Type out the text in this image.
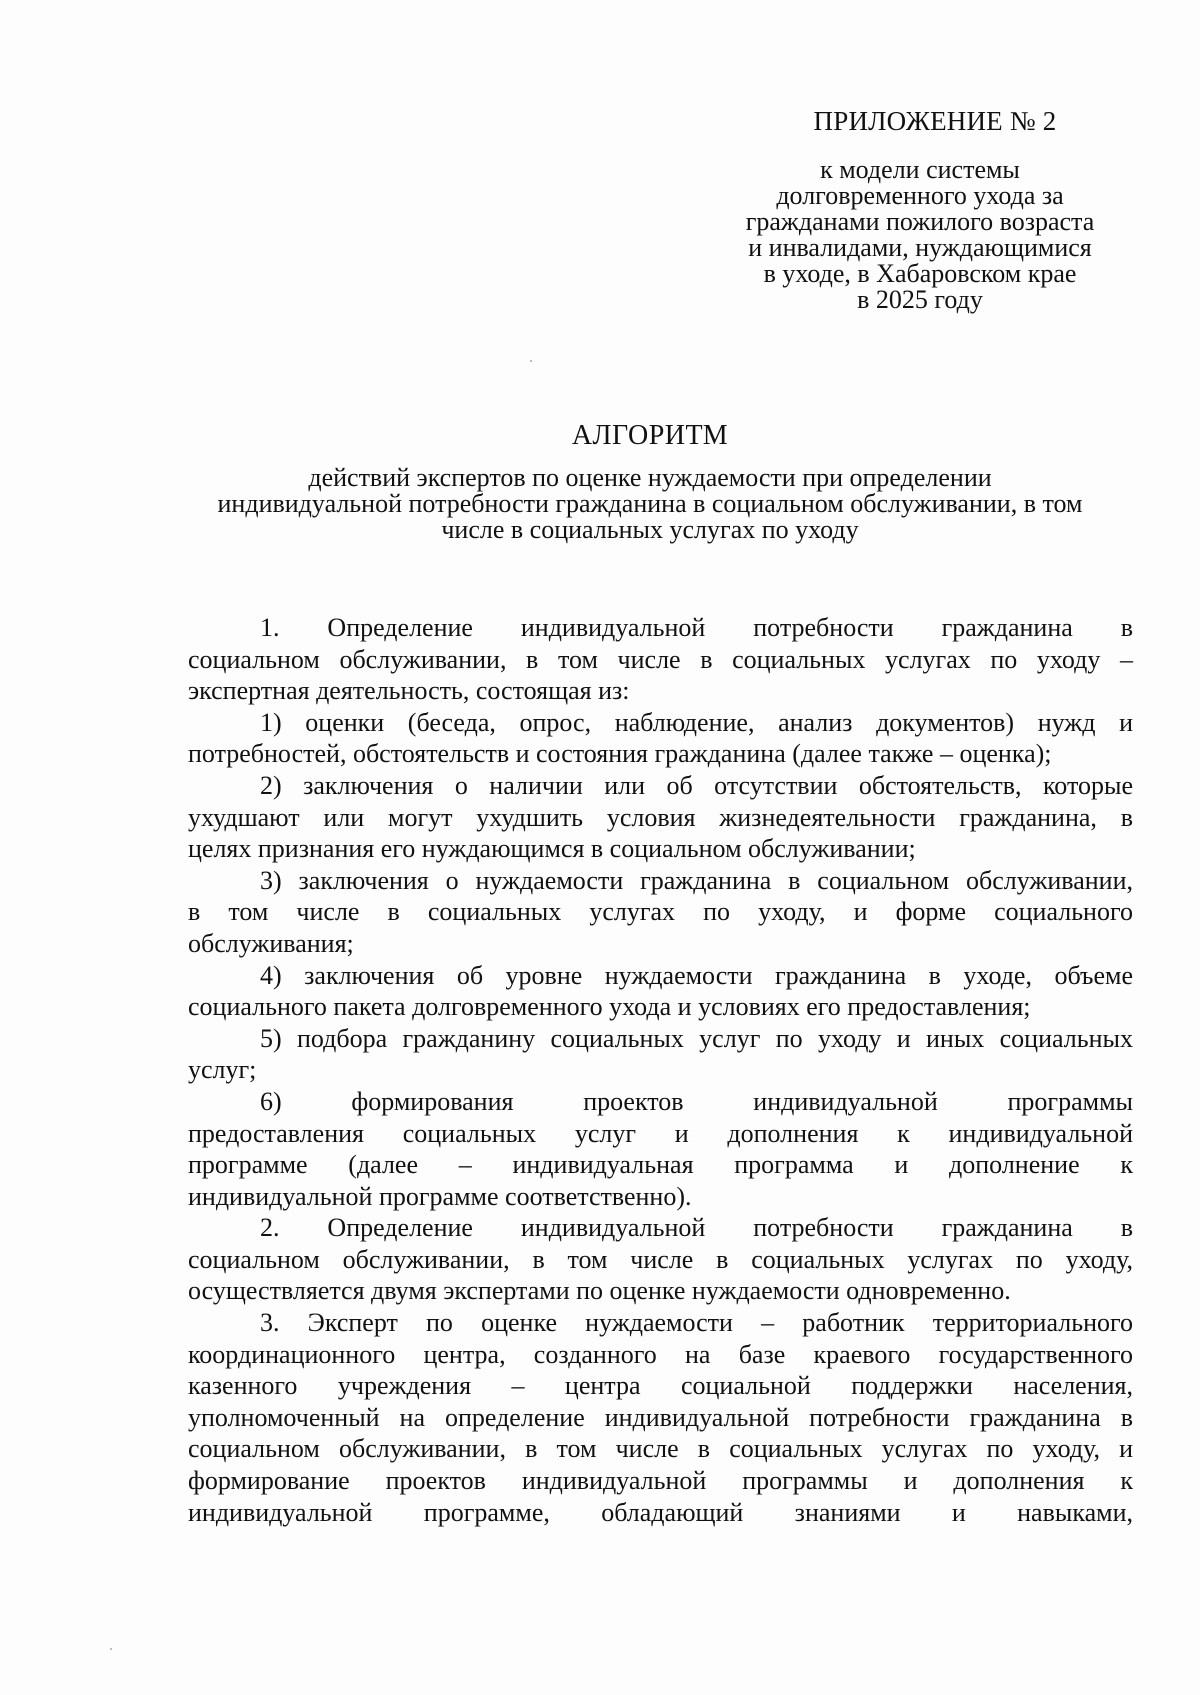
ПРИЛОЖЕНИЕ № 2
к модели системы
долговременного ухода за
гражданами пожилого возраста
и инвалидами, нуждающимися
в уходе, в Хабаровском крае
в 2025 году
АЛГОРИТМ
действий экспертов по оценке нуждаемости при определении
индивидуальной потребности гражданина в социальном обслуживании, в том
числе в социальных услугах по уходу
1. Определение индивидуальной потребности гражданина в
социальном обслуживании, в том числе в социальных услугах по уходу –
экспертная деятельность, состоящая из:
1) оценки (беседа, опрос, наблюдение, анализ документов) нужд и
потребностей, обстоятельств и состояния гражданина (далее также – оценка);
2) заключения о наличии или об отсутствии обстоятельств, которые
ухудшают или могут ухудшить условия жизнедеятельности гражданина, в
целях признания его нуждающимся в социальном обслуживании;
3) заключения о нуждаемости гражданина в социальном обслуживании,
в том числе в социальных услугах по уходу, и форме социального
обслуживания;
4) заключения об уровне нуждаемости гражданина в уходе, объеме
социального пакета долговременного ухода и условиях его предоставления;
5) подбора гражданину социальных услуг по уходу и иных социальных
услуг;
6) формирования проектов индивидуальной программы
предоставления социальных услуг и дополнения к индивидуальной
программе (далее – индивидуальная программа и дополнение к
индивидуальной программе соответственно).
2. Определение индивидуальной потребности гражданина в
социальном обслуживании, в том числе в социальных услугах по уходу,
осуществляется двумя экспертами по оценке нуждаемости одновременно.
3. Эксперт по оценке нуждаемости – работник территориального
координационного центра, созданного на базе краевого государственного
казенного учреждения – центра социальной поддержки населения,
уполномоченный на определение индивидуальной потребности гражданина в
социальном обслуживании, в том числе в социальных услугах по уходу, и
формирование проектов индивидуальной программы и дополнения к
индивидуальной программе, обладающий знаниями и навыками,
